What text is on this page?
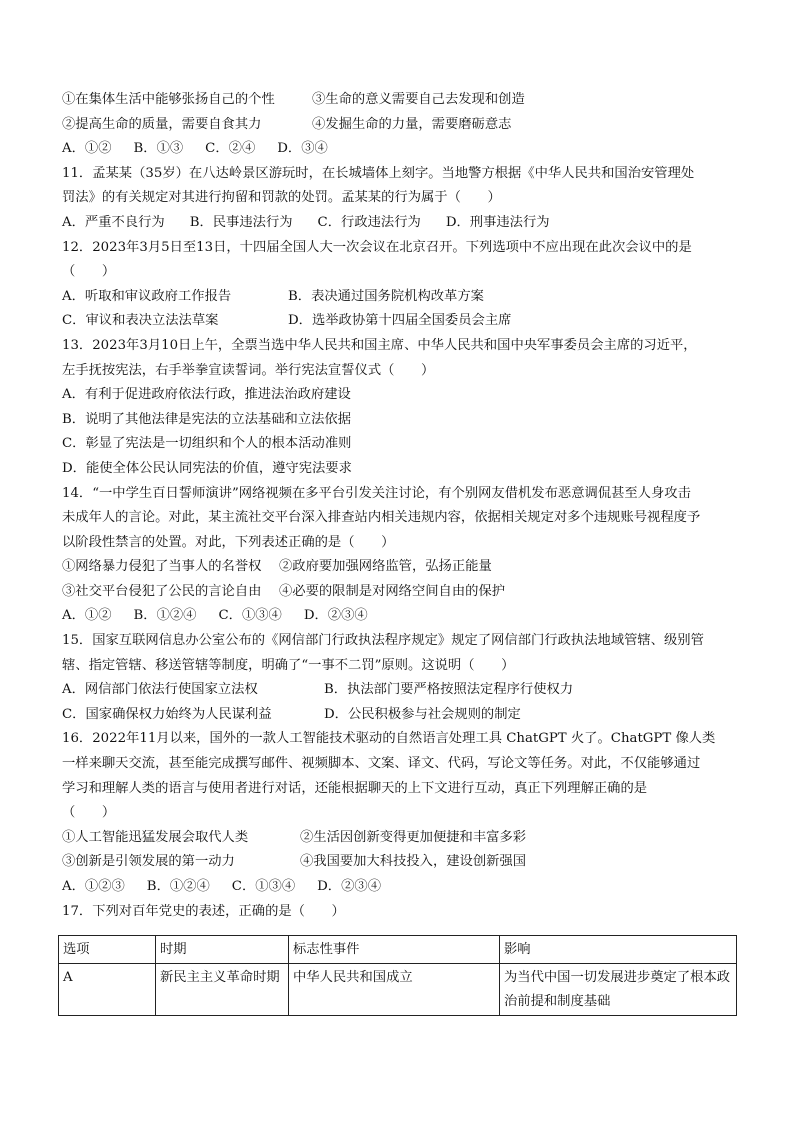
①在集体生活中能够张扬自己的个性	③生命的意义需要自己去发现和创造
②提高生命的质量，需要自食其力	④发掘生命的力量，需要磨砺意志
A．①② B．①③ C．②④ D．③④
11．孟某某（35岁）在八达岭景区游玩时，在长城墙体上刻字。当地警方根据《中华人民共和国治安管理处
罚法》的有关规定对其进行拘留和罚款的处罚。孟某某的行为属于（　　）
A．严重不良行为 B．民事违法行为 C．行政违法行为 D．刑事违法行为
12．2023年3月5日至13日，十四届全国人大一次会议在北京召开。下列选项中不应出现在此次会议中的是
（　　）
A．听取和审议政府工作报告	B．表决通过国务院机构改革方案
C．审议和表决立法法草案	D．选举政协第十四届全国委员会主席
13．2023年3月10日上午，全票当选中华人民共和国主席、中华人民共和国中央军事委员会主席的习近平，
左手抚按宪法，右手举拳宣读誓词。举行宪法宣誓仪式（　　）
A．有利于促进政府依法行政，推进法治政府建设
B．说明了其他法律是宪法的立法基础和立法依据
C．彰显了宪法是一切组织和个人的根本活动准则
D．能使全体公民认同宪法的价值，遵守宪法要求
14．“一中学生百日誓师演讲”网络视频在多平台引发关注讨论，有个别网友借机发布恶意调侃甚至人身攻击
未成年人的言论。对此，某主流社交平台深入排查站内相关违规内容，依据相关规定对多个违规账号视程度予
以阶段性禁言的处置。对此，下列表述正确的是（　　）
①网络暴力侵犯了当事人的名誉权 ②政府要加强网络监管，弘扬正能量
③社交平台侵犯了公民的言论自由 ④必要的限制是对网络空间自由的保护
A．①② B．①②④ C．①③④ D．②③④
15．国家互联网信息办公室公布的《网信部门行政执法程序规定》规定了网信部门行政执法地域管辖、级别管
辖、指定管辖、移送管辖等制度，明确了“一事不二罚”原则。这说明（　　）
A．网信部门依法行使国家立法权	B．执法部门要严格按照法定程序行使权力
C．国家确保权力始终为人民谋利益	D．公民积极参与社会规则的制定
16．2022年11月以来，国外的一款人工智能技术驱动的自然语言处理工具 ChatGPT 火了。ChatGPT 像人类
一样来聊天交流，甚至能完成撰写邮件、视频脚本、文案、译文、代码，写论文等任务。对此，不仅能够通过
学习和理解人类的语言与使用者进行对话，还能根据聊天的上下文进行互动，真正下列理解正确的是
（　　）
①人工智能迅猛发展会取代人类	②生活因创新变得更加便捷和丰富多彩
③创新是引领发展的第一动力	④我国要加大科技投入，建设创新强国
A．①②③ B．①②④ C．①③④ D．②③④
17．下列对百年党史的表述，正确的是（　　）
选项	时期	标志性事件	影响
A	新民主主义革命时期	中华人民共和国成立	为当代中国一切发展进步奠定了根本政治前提和制度基础
